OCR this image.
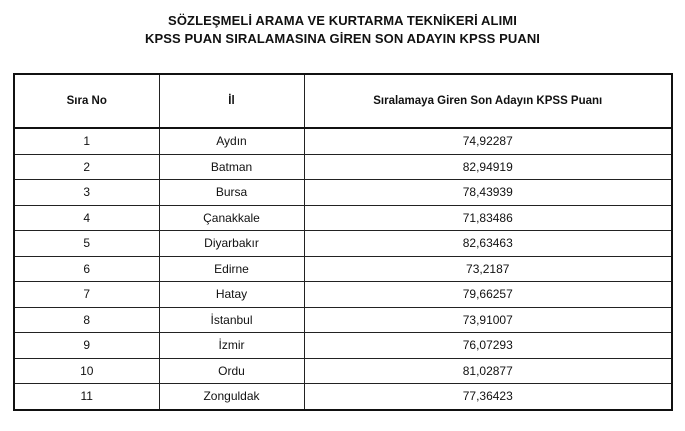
SÖZLEŞMELİ ARAMA VE KURTARMA TEKNİKERİ ALIMI
KPSS PUAN SIRALAMASINA GİREN SON ADAYIN KPSS PUANI
Sıra No	İl	Sıralamaya Giren Son Adayın KPSS Puanı
1	Aydın	74,92287
2	Batman	82,94919
3	Bursa	78,43939
4	Çanakkale	71,83486
5	Diyarbakır	82,63463
6	Edirne	73,2187
7	Hatay	79,66257
8	İstanbul	73,91007
9	İzmir	76,07293
10	Ordu	81,02877
11	Zonguldak	77,36423
